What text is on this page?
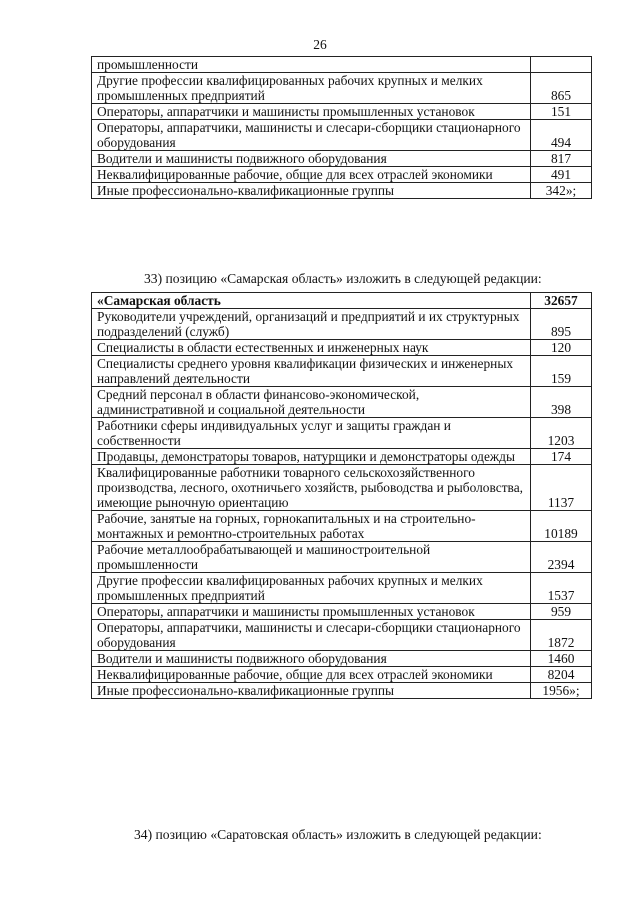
26
промышленности	
Другие профессии квалифицированных рабочих крупных и мелких промышленных предприятий	865
Операторы, аппаратчики и машинисты промышленных установок	151
Операторы, аппаратчики, машинисты и слесари-сборщики стационарного оборудования	494
Водители и машинисты подвижного оборудования	817
Неквалифицированные рабочие, общие для всех отраслей экономики	491
Иные профессионально-квалификационные группы	342»;
33) позицию «Самарская область» изложить в следующей редакции:
«Самарская область	32657
Руководители учреждений, организаций и предприятий и их структурных подразделений (служб)	895
Специалисты в области естественных и инженерных наук	120
Специалисты среднего уровня квалификации физических и инженерных направлений деятельности	159
Средний персонал в области финансово-экономической, административной и социальной деятельности	398
Работники сферы индивидуальных услуг и защиты граждан и собственности	1203
Продавцы, демонстраторы товаров, натурщики и демонстраторы одежды	174
Квалифицированные работники товарного сельскохозяйственного производства, лесного, охотничьего хозяйств, рыбоводства и рыболовства, имеющие рыночную ориентацию	1137
Рабочие, занятые на горных, горнокапитальных и на строительно-монтажных и ремонтно-строительных работах	10189
Рабочие металлообрабатывающей и машиностроительной промышленности	2394
Другие профессии квалифицированных рабочих крупных и мелких промышленных предприятий	1537
Операторы, аппаратчики и машинисты промышленных установок	959
Операторы, аппаратчики, машинисты и слесари-сборщики стационарного оборудования	1872
Водители и машинисты подвижного оборудования	1460
Неквалифицированные рабочие, общие для всех отраслей экономики	8204
Иные профессионально-квалификационные группы	1956»;
34) позицию «Саратовская область» изложить в следующей редакции:
